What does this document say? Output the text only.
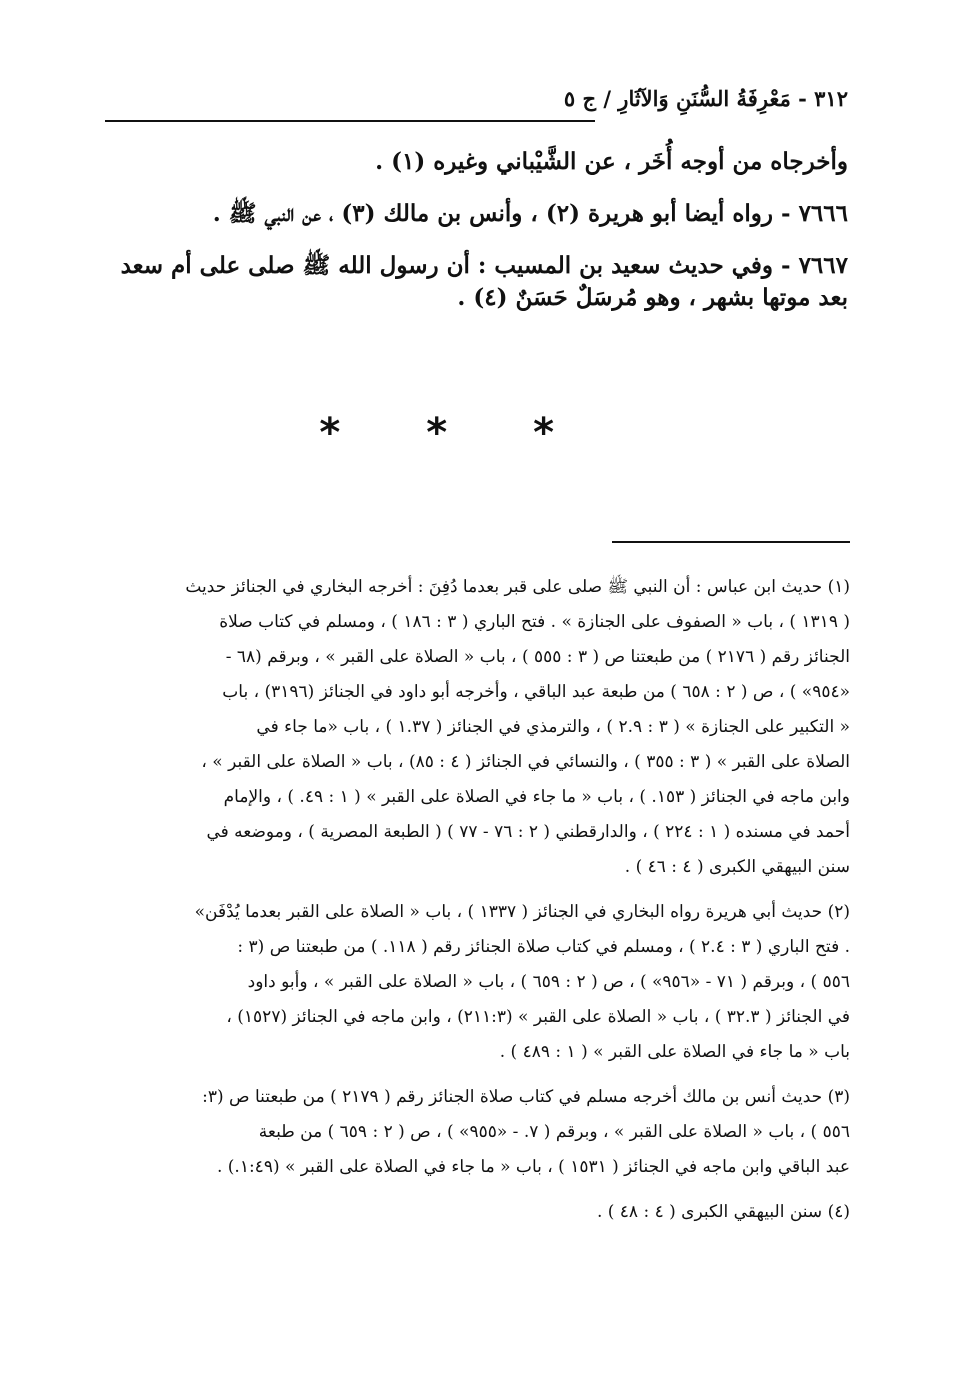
٣١٢ - مَعْرِفَةُ السُّنَنِ وَالآثَارِ / ج ٥

وأخرجاه من أوجه أُخَر ، عن الشَّيْباني وغيره (١) .

٧٦٦٦ - رواه أيضا أبو هريرة (٢) ، وأنس بن مالك (٣) ، عن النبي ﷺ .

٧٦٦٧ - وفي حديث سعيد بن المسيب : أن رسول الله ﷺ صلى على أم سعد
بعد موتها بشهر ، وهو مُرسَلٌ حَسَنٌ (٤) .

* * *

(١) حديث ابن عباس : أن النبي ﷺ صلى على قبر بعدما دُفِنَ : أخرجه البخاري في الجنائز حديث
( ١٣١٩ ) ، باب « الصفوف على الجنازة » . فتح الباري ( ٣ : ١٨٦ ) ، ومسلم في كتاب صلاة
الجنائز رقم ( ٢١٧٦ ) من طبعتنا ص ( ٣ : ٥٥٥ ) ، باب « الصلاة على القبر » ، وبرقم (٦٨ -
«٩٥٤» ) ، ص ( ٢ : ٦٥٨ ) من طبعة عبد الباقي ، وأخرجه أبو داود في الجنائز (٣١٩٦) ، باب
« التكبير على الجنازة » ( ٣ : ٢.٩ ) ، والترمذي في الجنائز ( ١.٣٧ ) ، باب «ما جاء في
الصلاة على القبر » ( ٣ : ٣٥٥ ) ، والنسائي في الجنائز ( ٤ : ٨٥) ، باب « الصلاة على القبر » ،
وابن ماجه في الجنائز ( ١٥٣. ) ، باب « ما جاء في الصلاة على القبر » ( ١ : ٤٩. ) ، والإمام
أحمد في مسنده ( ١ : ٢٢٤ ) ، والدارقطني ( ٢ : ٧٦ - ٧٧ ) ( الطبعة المصرية ) ، وموضعه في
سنن البيهقي الكبرى ( ٤ : ٤٦ ) .

(٢) حديث أبي هريرة رواه البخاري في الجنائز ( ١٣٣٧ ) ، باب « الصلاة على القبر بعدما يُدْفَن»
. فتح الباري ( ٣ : ٢.٤ ) ، ومسلم في كتاب صلاة الجنائز رقم ( ١١٨. ) من طبعتنا ص (٣ :
٥٥٦ ) ، وبرقم ( ٧١ - «٩٥٦» ) ، ص ( ٢ : ٦٥٩ ) ، باب « الصلاة على القبر » ، وأبو داود
في الجنائز ( ٣٢.٣ ) ، باب « الصلاة على القبر » (٢١١:٣) ، وابن ماجه في الجنائز (١٥٢٧) ،
باب « ما جاء في الصلاة على القبر » ( ١ : ٤٨٩ ) .

(٣) حديث أنس بن مالك أخرجه مسلم في كتاب صلاة الجنائز رقم ( ٢١٧٩ ) من طبعتنا ص (٣:
٥٥٦ ) ، باب « الصلاة على القبر » ، وبرقم ( ٧. - «٩٥٥» ) ، ص ( ٢ : ٦٥٩ ) من طبعة
عبد الباقي وابن ماجه في الجنائز ( ١٥٣١ ) ، باب « ما جاء في الصلاة على القبر » (١:٤٩.) .

(٤) سنن البيهقي الكبرى ( ٤ : ٤٨ ) .
